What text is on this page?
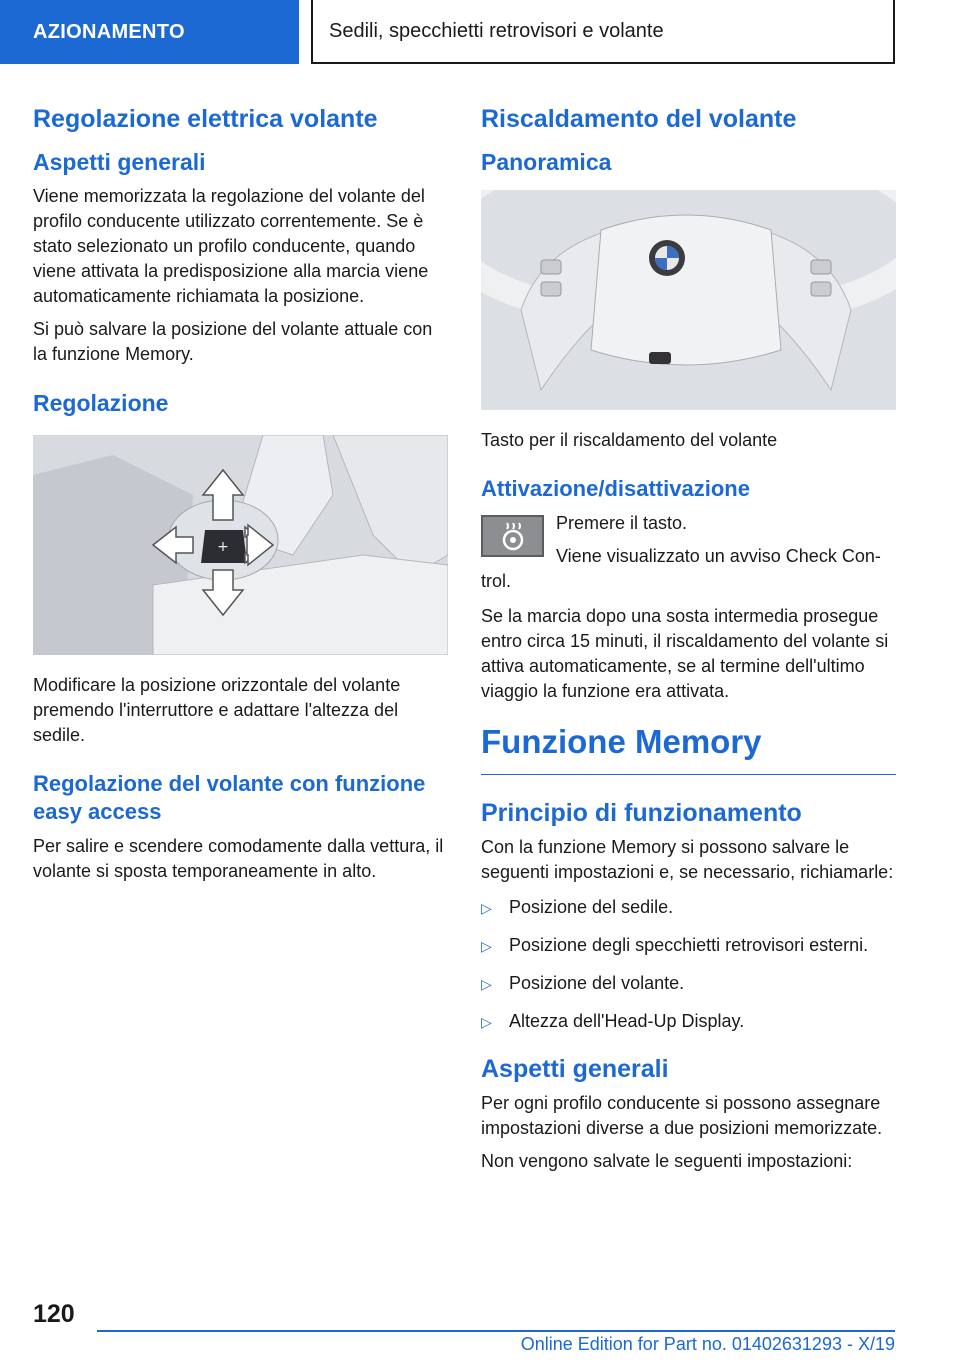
AZIONAMENTO	Sedili, specchietti retrovisori e volante
Regolazione elettrica volante
Aspetti generali

Viene memorizzata la regolazione del volante del profilo conducente utilizzato correntemente. Se è stato selezionato un profilo conducente, quando viene attivata la predisposizione alla marcia viene automaticamente richiamata la posizione.

Si può salvare la posizione del volante attuale con la funzione Memory.

Regolazione
+

Modificare la posizione orizzontale del volante premendo l'interruttore e adattare l'altezza del sedile.

Regolazione del volante con funzione easy access

Per salire e scendere comodamente dalla vettura, il volante si sposta temporaneamente in alto.

Riscaldamento del volante
Panoramica

Tasto per il riscaldamento del volante

Attivazione/disattivazione

Premere il tasto.

Viene visualizzato un avviso Check Control.

Se la marcia dopo una sosta intermedia prosegue entro circa 15 minuti, il riscaldamento del volante si attiva automaticamente, se al termine dell'ultimo viaggio la funzione era attivata.

Funzione Memory
Principio di funzionamento

Con la funzione Memory si possono salvare le seguenti impostazioni e, se necessario, richiamarle:

▷ Posizione del sedile.
▷ Posizione degli specchietti retrovisori esterni.
▷ Posizione del volante.
▷ Altezza dell'Head-Up Display.
Aspetti generali

Per ogni profilo conducente si possono assegnare impostazioni diverse a due posizioni memorizzate.

Non vengono salvate le seguenti impostazioni:

120
Online Edition for Part no. 01402631293 - X/19
